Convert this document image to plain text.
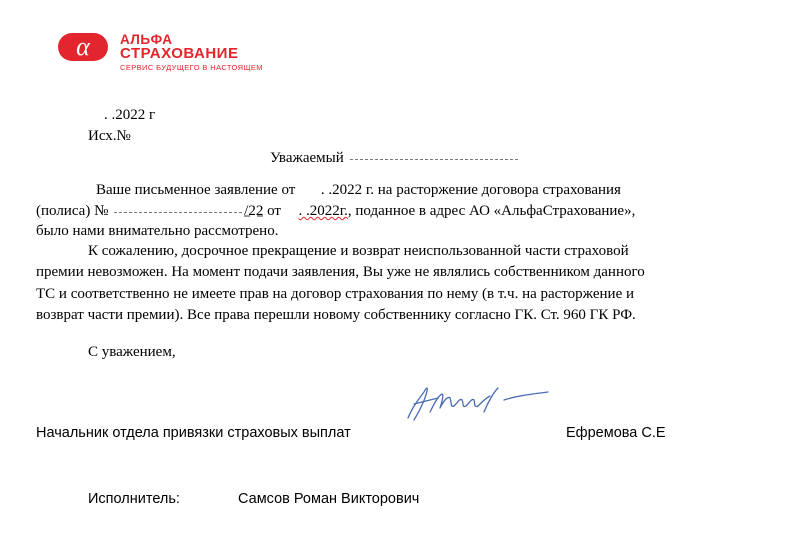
α АЛЬФА
СТРАХОВАНИЕ
СЕРВИС БУДУЩЕГО В НАСТОЯЩЕМ
. .2022 г
Исх.№
Уважаемый
Ваше письменное заявление от . .2022 г. на расторжение договора страхования
(полиса) №	/22 от . .2022г., поданное в адрес АО «АльфаСтрахование»,
было нами внимательно рассмотрено.
К сожалению, досрочное прекращение и возврат неиспользованной части страховой
премии невозможен. На момент подачи заявления, Вы уже не являлись собственником данного
ТС и соответственно не имеете прав на договор страхования по нему (в т.ч. на расторжение и
возврат части премии). Все права перешли новому собственнику согласно ГК. Ст. 960 ГК РФ.
С уважением,
Начальник отдела привязки страховых выплат	Ефремова С.Е
Исполнитель:	Самсов Роман Викторович
